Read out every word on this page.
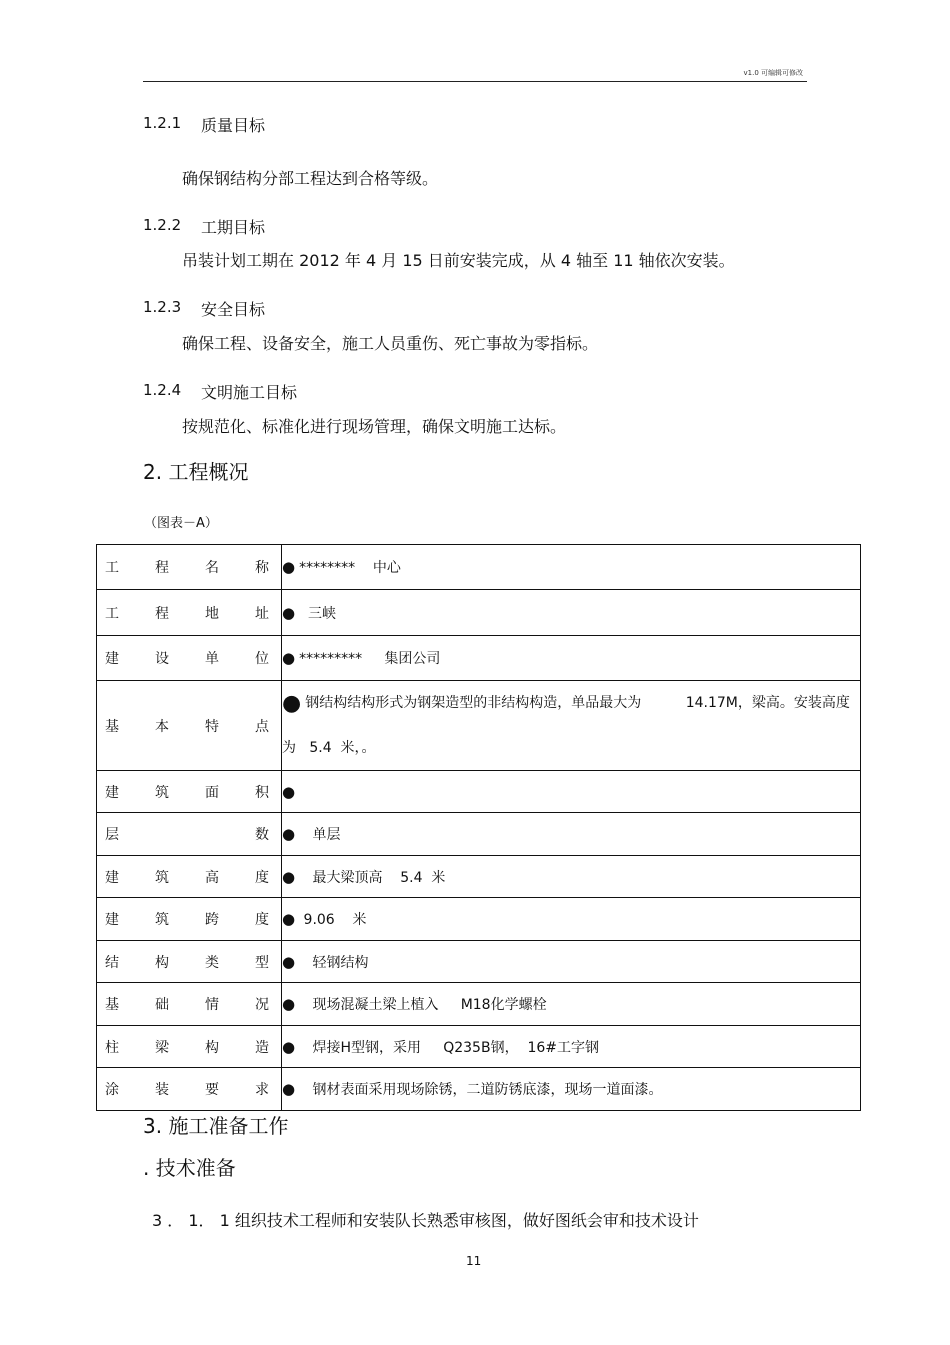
v1.0 可编辑可修改
1.2.1 质量目标
确保钢结构分部工程达到合格等级。
1.2.2 工期目标
吊装计划工期在 2012 年 4 月 15 日前安装完成，从 4 轴至 11 轴依次安装。
1.2.3 安全目标
确保工程、设备安全，施工人员重伤、死亡事故为零指标。
1.2.4 文明施工目标
按规范化、标准化进行现场管理，确保文明施工达标。
2. 工程概况
（图表－A）
工 程 名 称	● ********    中心

工 程 地 址	●  三峡

建 设 单 位	● *********     集团公司

基 本 特 点	● 钢结构结构形式为钢架造型的非结构构造，单品最大为          14.17M，梁高。安装高度为   5.4  米，。

建 筑 面 积	●

层 数	●   单层

建 筑 高 度	●   最大梁顶高    5.4  米

建 筑 跨 度	● 9.06    米

结 构 类 型	●   轻钢结构

基 础 情 况	●   现场混凝土梁上植入     M18化学螺栓

柱 梁 构 造	●   焊接H型钢，采用     Q235B钢，  16#工字钢

涂 装 要 求	●   钢材表面采用现场除锈，二道防锈底漆，现场一道面漆。
3. 施工准备工作
. 技术准备
3 ． 1． 1 组织技术工程师和安装队长熟悉审核图，做好图纸会审和技术设计
11
